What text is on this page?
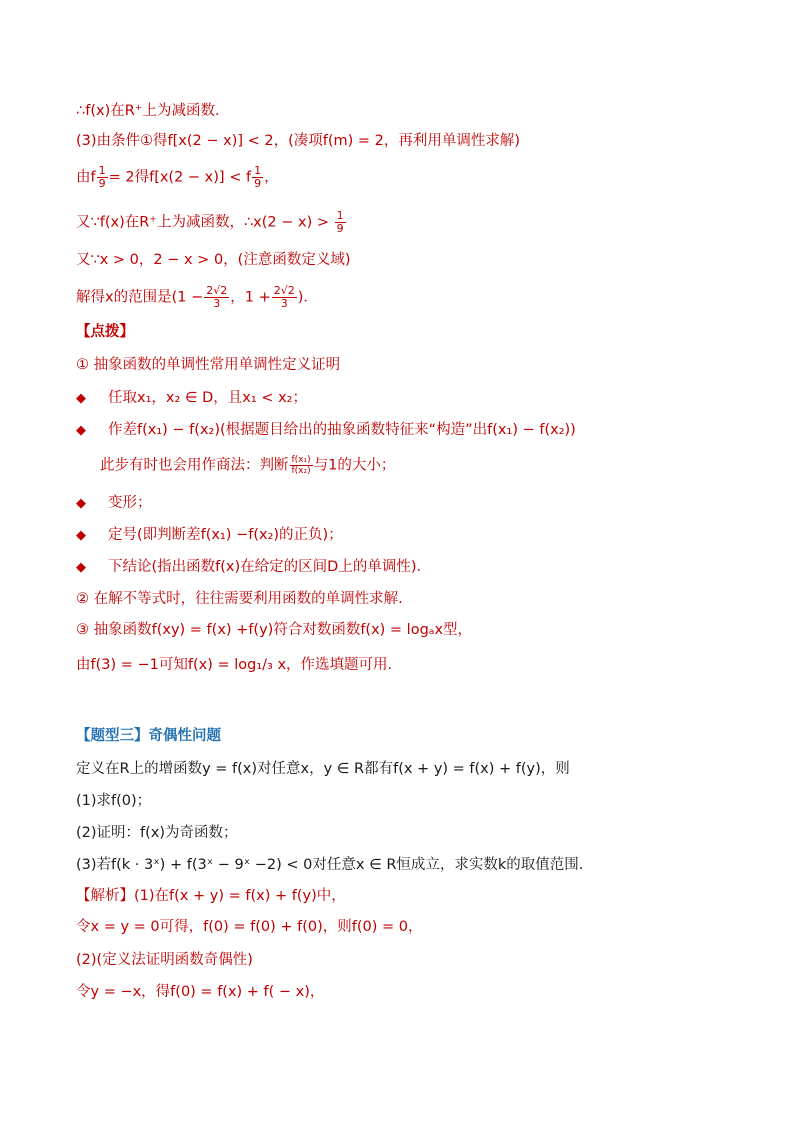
∴f(x)在R⁺上为减函数．
(3)由条件①得f[x(2 − x)] < 2，(凑项f(m) = 2，再利用单调性求解)
由f $\frac{1}{9} = 2$得f[x(2 − x)] < f $\frac{1}{9}$ ，
又∵f(x)在R⁺上为减函数，∴x(2 − $x) > \frac{1}{9}$
又∵x > 0，2 − x > 0，(注意函数定义域)
解得x的范围是($1 - \frac{2√2}{3}$ ，$1 + \frac{2√2}{3}$ )．
【点拨】
① 抽象函数的单调性常用单调性定义证明
◆ 任取x₁，x₂ ∈ D，且x₁ < x₂；
◆ 作差f(x₁) − f(x₂)(根据题目给出的抽象函数特征来“构造”出f(x₁) − f(x₂))
此步有时也会用作商法：判断 $\frac{\text{f(x₁)}}{\text{f(x₂)}}$ 与1的大小；
◆ 变形；
◆ 定号(即判断差f(x₁) −f(x₂)的正负)；
◆ 下结论(指出函数f(x)在给定的区间D上的单调性)．
② 在解不等式时，往往需要利用函数的单调性求解.
③ 抽象函数f(xy) = f(x) +f(y)符合对数函数f(x) = logₐx型，
由f(3) = −1可知f(x) = log₁/₃ x，作选填题可用.
【题型三】奇偶性问题
定义在R上的增函数y = f(x)对任意x，y ∈ R都有f(x + y) = f(x) + f(y)，则
(1)求f(0)；
(2)证明：f(x)为奇函数；
(3)若f(k · 3ˣ) + f(3ˣ − 9ˣ −2) < 0对任意x ∈ R恒成立，求实数k的取值范围.
【解析】(1)在f(x + y) = f(x) + f(y)中，
令x = y = 0可得，f(0) = f(0) + f(0)，则f(0) = 0，
(2)(定义法证明函数奇偶性)
令y = −x，得f(0) = f(x) + f( − x)，
